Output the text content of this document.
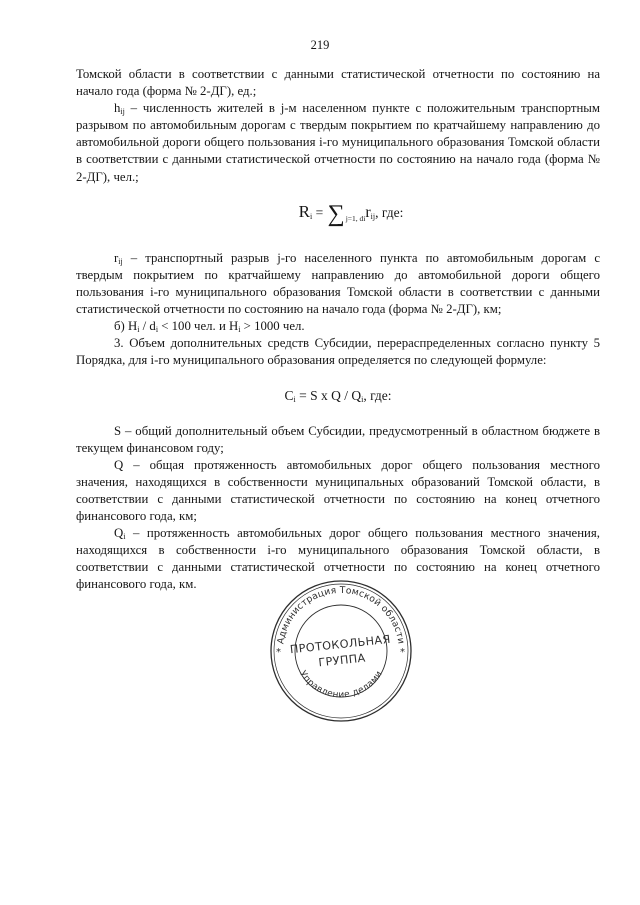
219

Томской области в соответствии с данными статистической отчетности по состоянию на начало года (форма № 2-ДГ), ед.;

$h_{ij}$ – численность жителей в j-м населенном пункте с положительным транспортным разрывом по автомобильным дорогам с твердым покрытием по кратчайшему направлению до автомобильной дороги общего пользования i-го муниципального образования Томской области в соответствии с данными статистической отчетности по состоянию на начало года (форма № 2-ДГ), чел.;

$R_i = \sum_{j=1, di}r_{ij}$, где:

$r_{ij}$ – транспортный разрыв j-го населенного пункта по автомобильным дорогам с твердым покрытием по кратчайшему направлению до автомобильной дороги общего пользования i-го муниципального образования Томской области в соответствии с данными статистической отчетности по состоянию на начало года (форма № 2-ДГ), км;

б) $H_i / d_i < 100$ чел. и $H_i > 1000$ чел.

3. Объем дополнительных средств Субсидии, перераспределенных согласно пункту 5 Порядка, для i-го муниципального образования определяется по следующей формуле:

$C_i = S$ x Q / $Q_i$, где:

S – общий дополнительный объем Субсидии, предусмотренный в областном бюджете в текущем финансовом году;

Q – общая протяженность автомобильных дорог общего пользования местного значения, находящихся в собственности муниципальных образований Томской области, в соответствии с данными статистической отчетности по состоянию на конец отчетного финансового года, км;

$Q_i$ – протяженность автомобильных дорог общего пользования местного значения, находящихся в собственности i-го муниципального образования Томской области, в соответствии с данными статистической отчетности по состоянию на конец отчетного финансового года, км.

Администрация Томской области
Управление делами
*	*
ПРОТОКОЛЬНАЯ
ГРУППА
